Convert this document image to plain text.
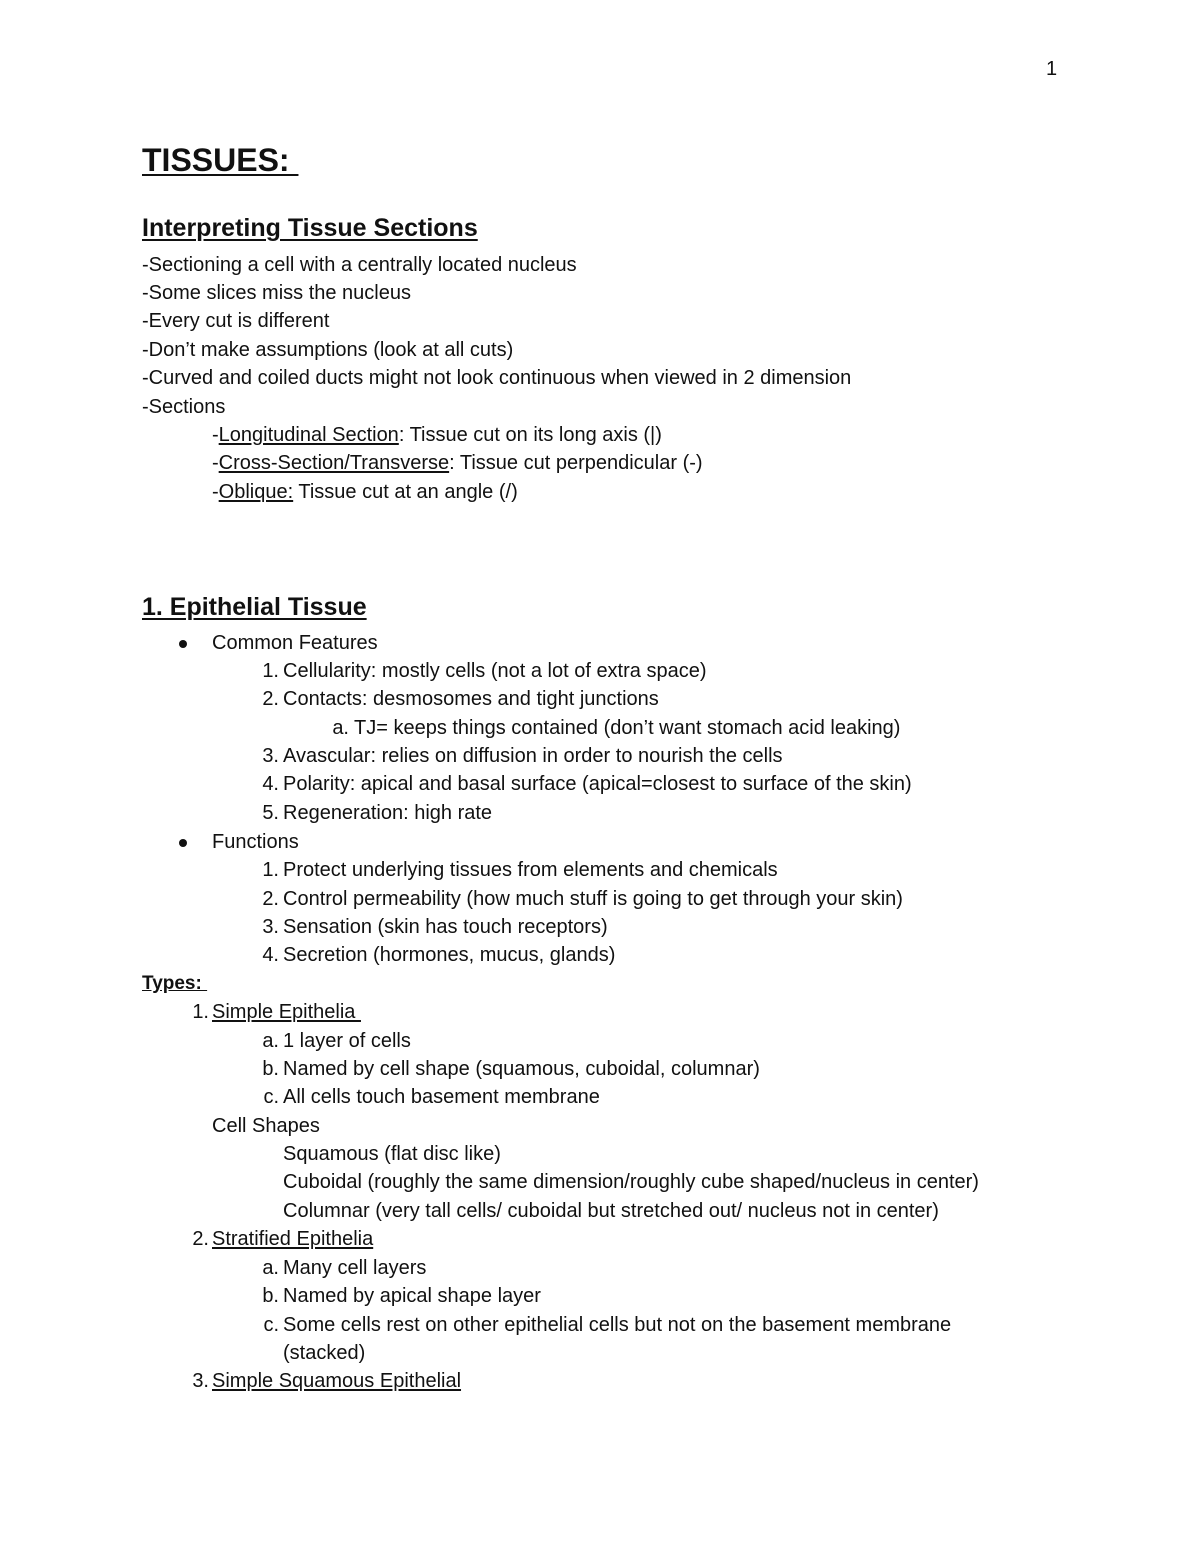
1
TISSUES:
Interpreting Tissue Sections
-Sectioning a cell with a centrally located nucleus
-Some slices miss the nucleus
-Every cut is different
-Don’t make assumptions (look at all cuts)
-Curved and coiled ducts might not look continuous when viewed in 2 dimension
-Sections
-Longitudinal Section: Tissue cut on its long axis (|)
-Cross-Section/Transverse: Tissue cut perpendicular (-)
-Oblique: Tissue cut at an angle (/)
1. Epithelial Tissue
Common Features
1. Cellularity: mostly cells (not a lot of extra space)
2. Contacts: desmosomes and tight junctions
a. TJ= keeps things contained (don’t want stomach acid leaking)
3. Avascular: relies on diffusion in order to nourish the cells
4. Polarity: apical and basal surface (apical=closest to surface of the skin)
5. Regeneration: high rate
Functions
1. Protect underlying tissues from elements and chemicals
2. Control permeability (how much stuff is going to get through your skin)
3. Sensation (skin has touch receptors)
4. Secretion (hormones, mucus, glands)
Types:
1. Simple Epithelia
a. 1 layer of cells
b. Named by cell shape (squamous, cuboidal, columnar)
c. All cells touch basement membrane
Cell Shapes
Squamous (flat disc like)
Cuboidal (roughly the same dimension/roughly cube shaped/nucleus in center)
Columnar (very tall cells/ cuboidal but stretched out/ nucleus not in center)
2. Stratified Epithelia
a. Many cell layers
b. Named by apical shape layer
c. Some cells rest on other epithelial cells but not on the basement membrane
(stacked)
3. Simple Squamous Epithelial
